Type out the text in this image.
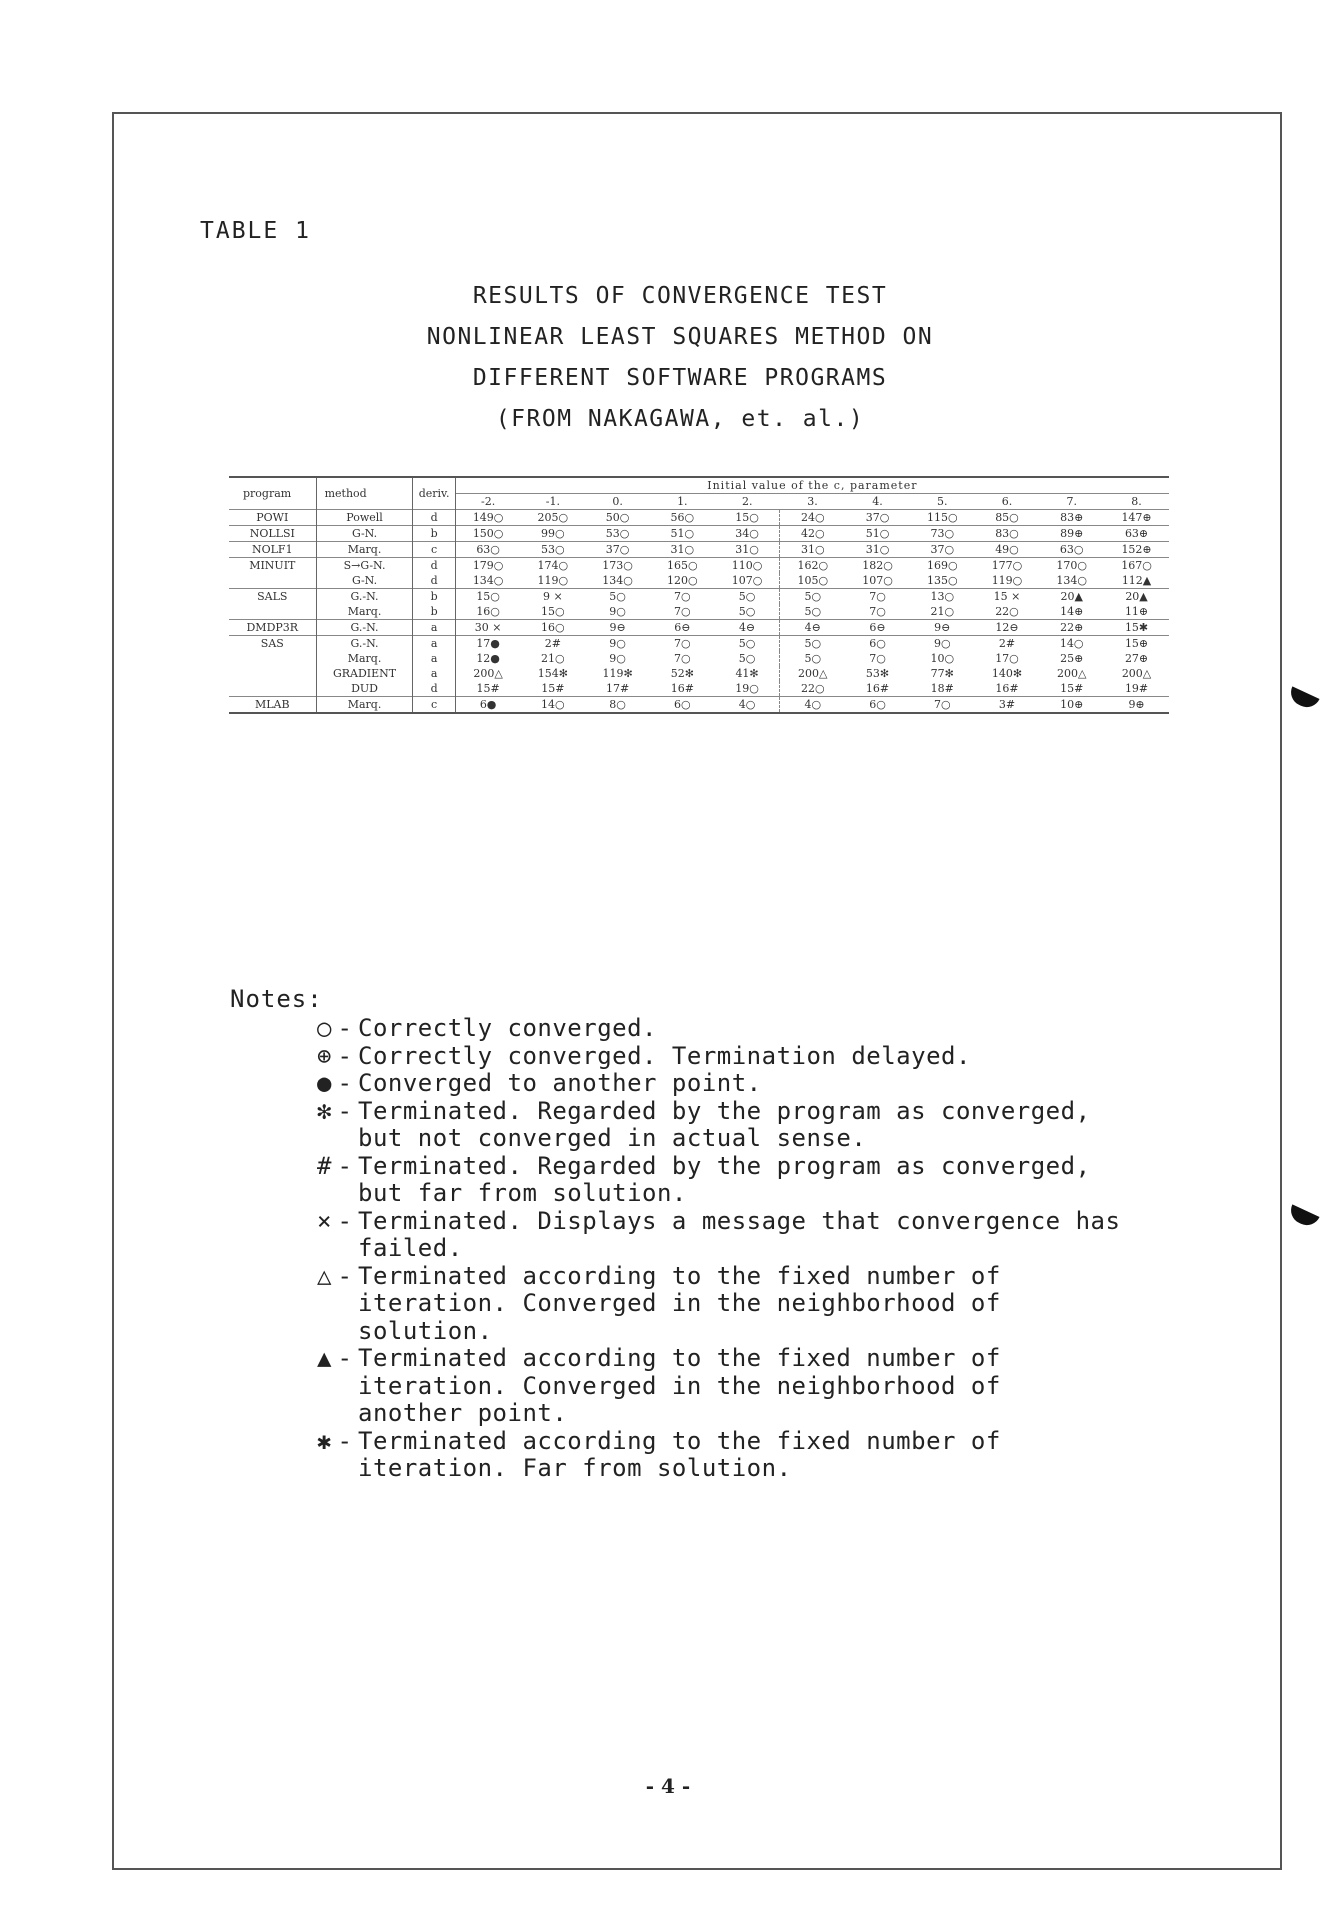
TABLE 1
RESULTS OF CONVERGENCE TEST
NONLINEAR LEAST SQUARES METHOD ON
DIFFERENT SOFTWARE PROGRAMS
(FROM NAKAGAWA, et. al.)
program	method	deriv.	Initial value of the c, parameter										
			-2.	-1.	0.	1.	2.	3.	4.	5.	6.	7.	8.
POWI	Powell	d	149○	205○	50○	56○	15○	24○	37○	115○	85○	83⊕	147⊕
NOLLSI	G-N.	b	150○	99○	53○	51○	34○	42○	51○	73○	83○	89⊕	63⊕
NOLF1	Marq.	c	63○	53○	37○	31○	31○	31○	31○	37○	49○	63○	152⊕
MINUIT	S→G-N.	d	179○	174○	173○	165○	110○	162○	182○	169○	177○	170○	167○
	G-N.	d	134○	119○	134○	120○	107○	105○	107○	135○	119○	134○	112▲
SALS	G.-N.	b	15○	9 ×	5○	7○	5○	5○	7○	13○	15 ×	20▲	20▲
	Marq.	b	16○	15○	9○	7○	5○	5○	7○	21○	22○	14⊕	11⊕
DMDP3R	G.-N.	a	30 ×	16○	9⊖	6⊖	4⊖	4⊖	6⊖	9⊖	12⊖	22⊕	15✱
SAS	G.-N.	a	17●	2#	9○	7○	5○	5○	6○	9○	2#	14○	15⊕
	Marq.	a	12●	21○	9○	7○	5○	5○	7○	10○	17○	25⊕	27⊕
	GRADIENT	a	200△	154✻	119✻	52✻	41✻	200△	53✻	77✻	140✻	200△	200△
	DUD	d	15#	15#	17#	16#	19○	22○	16#	18#	16#	15#	19#
MLAB	Marq.	c	6●	14○	8○	6○	4○	4○	6○	7○	3#	10⊕	9⊕
Notes:
○ - Correctly converged.
⊕ - Correctly converged. Termination delayed.
● - Converged to another point.
✻ - Terminated. Regarded by the program as converged,
but not converged in actual sense.
# - Terminated. Regarded by the program as converged,
but far from solution.
× - Terminated. Displays a message that convergence has
failed.
△ - Terminated according to the fixed number of
iteration. Converged in the neighborhood of
solution.
▲ - Terminated according to the fixed number of
iteration. Converged in the neighborhood of
another point.
✱ - Terminated according to the fixed number of
iteration. Far from solution.
- 4 -
